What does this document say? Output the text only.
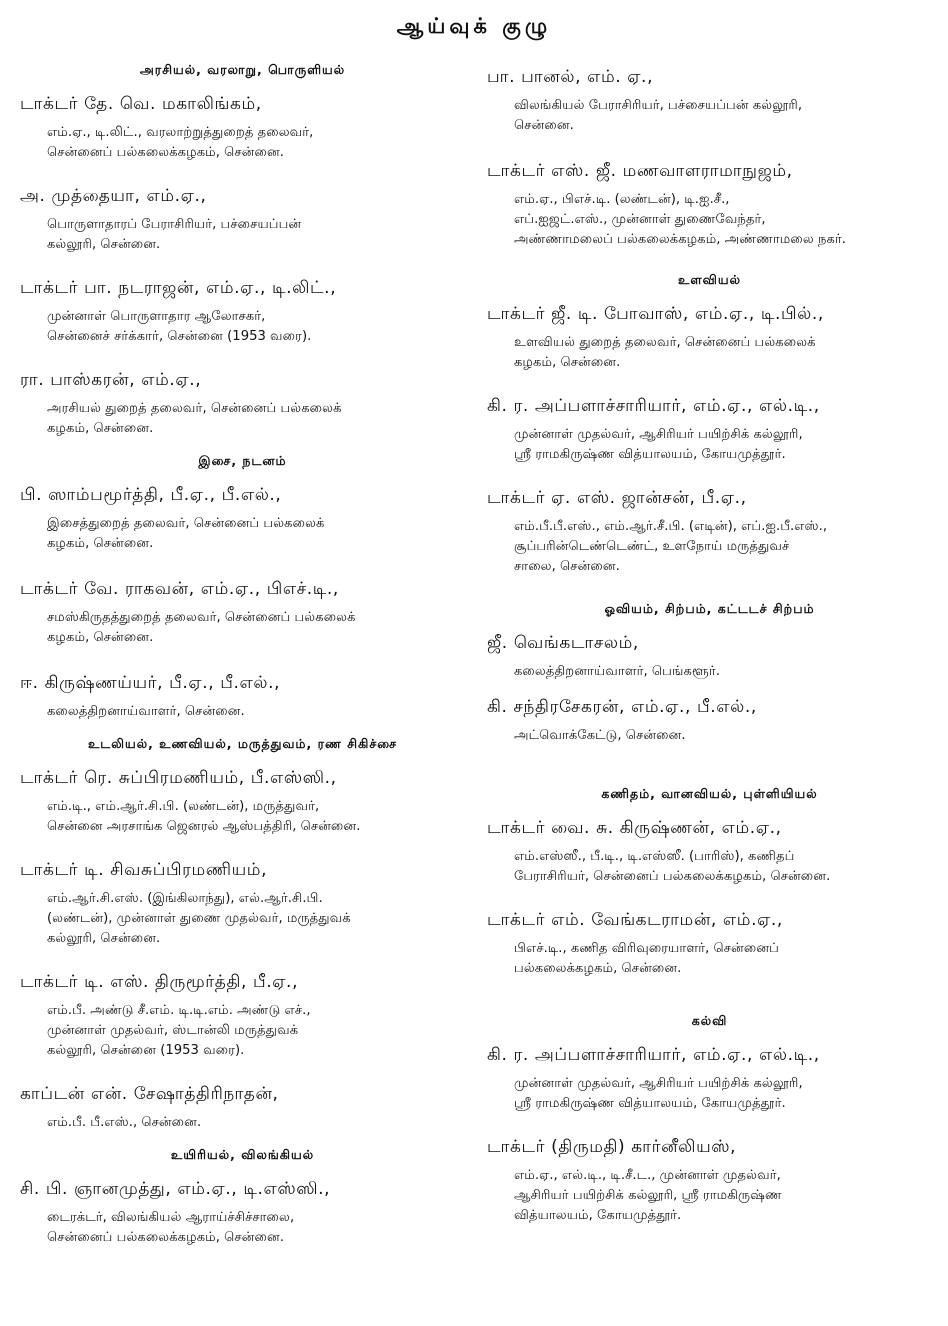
ஆய்வுக் குழு
அரசியல், வரலாறு, பொருளியல்
டாக்டர் தே. வெ. மகாலிங்கம்,
எம்.ஏ., டி.லிட்., வரலாற்றுத்துறைத் தலைவர்,
சென்னைப் பல்கலைக்கழகம், சென்னை.
அ. முத்தையா, எம்.ஏ.,
பொருளாதாரப் பேராசிரியர், பச்சையப்பன்
கல்லூரி, சென்னை.
டாக்டர் பா. நடராஜன், எம்.ஏ., டி.லிட்.,
முன்னாள் பொருளாதார ஆலோசகர்,
சென்னைச் சர்க்கார், சென்னை (1953 வரை).
ரா. பாஸ்கரன், எம்.ஏ.,
அரசியல் துறைத் தலைவர், சென்னைப் பல்கலைக்
கழகம், சென்னை.
இசை, நடனம்
பி. ஸாம்பமூர்த்தி, பீ.ஏ., பீ.எல்.,
இசைத்துறைத் தலைவர், சென்னைப் பல்கலைக்
கழகம், சென்னை.
டாக்டர் வே. ராகவன், எம்.ஏ., பிஎச்.டி.,
சமஸ்கிருதத்துறைத் தலைவர், சென்னைப் பல்கலைக்
கழகம், சென்னை.
ஈ. கிருஷ்ணய்யர், பீ.ஏ., பீ.எல்.,
கலைத்திறனாய்வாளர், சென்னை.
உடலியல், உணவியல், மருத்துவம், ரண சிகிச்சை
டாக்டர் ரெ. சுப்பிரமணியம், பீ.எஸ்ஸி.,
எம்.டி., எம்.ஆர்.சி.பி. (லண்டன்), மருத்துவர்,
சென்னை அரசாங்க ஜெனரல் ஆஸ்பத்திரி, சென்னை.
டாக்டர் டி. சிவசுப்பிரமணியம்,
எம்.ஆர்.சி.எஸ். (இங்கிலாந்து), எல்.ஆர்.சி.பி.
(லண்டன்), முன்னாள் துணை முதல்வர், மருத்துவக்
கல்லூரி, சென்னை.
டாக்டர் டி. எஸ். திருமூர்த்தி, பீ.ஏ.,
எம்.பீ. அண்டு சீ.எம். டி.டி.எம். அண்டு எச்.,
முன்னாள் முதல்வர், ஸ்டான்லி மருத்துவக்
கல்லூரி, சென்னை (1953 வரை).
காப்டன் என். சேஷாத்திரிநாதன்,
எம்.பீ. பீ.எஸ்., சென்னை.
உயிரியல், விலங்கியல்
சி. பி. ஞானமுத்து, எம்.ஏ., டி.எஸ்ஸி.,
டைரக்டர், விலங்கியல் ஆராய்ச்சிச்சாலை,
சென்னைப் பல்கலைக்கழகம், சென்னை.
பா. பானல், எம். ஏ.,
விலங்கியல் பேராசிரியர், பச்சையப்பன் கல்லூரி,
சென்னை.
டாக்டர் எஸ். ஜீ. மணவாளராமாநுஜம்,
எம்.ஏ., பிஎச்.டி. (லண்டன்), டி.ஐ.சீ.,
எப்.ஐஜட்.எஸ்., முன்னாள் துணைவேந்தர்,
அண்ணாமலைப் பல்கலைக்கழகம், அண்ணாமலை நகர்.
உளவியல்
டாக்டர் ஜீ. டி. போவாஸ், எம்.ஏ., டி.பில்.,
உளவியல் துறைத் தலைவர், சென்னைப் பல்கலைக்
கழகம், சென்னை.
கி. ர. அப்பளாச்சாரியார், எம்.ஏ., எல்.டி.,
முன்னாள் முதல்வர், ஆசிரியர் பயிற்சிக் கல்லூரி,
ஸ்ரீ ராமகிருஷ்ண வித்யாலயம், கோயமுத்தூர்.
டாக்டர் ஏ. எஸ். ஜான்சன், பீ.ஏ.,
எம்.பீ.பீ.எஸ்., எம்.ஆர்.சீ.பி. (எடின்), எப்.ஐ.பீ.எஸ்.,
சூப்பரின்டெண்டெண்ட், உளநோய் மருத்துவச்
சாலை, சென்னை.
ஓவியம், சிற்பம், கட்டடச் சிற்பம்
ஜீ. வெங்கடாசலம்,
கலைத்திறனாய்வாளர், பெங்களூர்.
கி. சந்திரசேகரன், எம்.ஏ., பீ.எல்.,
அட்வொக்கேட்டு, சென்னை.
கணிதம், வானவியல், புள்ளியியல்
டாக்டர் வை. சு. கிருஷ்ணன், எம்.ஏ.,
எம்.எஸ்ஸீ., பீ.டி., டி.எஸ்ஸீ. (பாரிஸ்), கணிதப்
பேராசிரியர், சென்னைப் பல்கலைக்கழகம், சென்னை.
டாக்டர் எம். வேங்கடராமன், எம்.ஏ.,
பிஎச்.டி., கணித விரிவுரையாளர், சென்னைப்
பல்கலைக்கழகம், சென்னை.
கல்வி
கி. ர. அப்பளாச்சாரியார், எம்.ஏ., எல்.டி.,
முன்னாள் முதல்வர், ஆசிரியர் பயிற்சிக் கல்லூரி,
ஸ்ரீ ராமகிருஷ்ண வித்யாலயம், கோயமுத்தூர்.
டாக்டர் (திருமதி) கார்னீலியஸ்,
எம்.ஏ., எல்.டி., டி.சீ.ட., முன்னாள் முதல்வர்,
ஆசிரியர் பயிற்சிக் கல்லூரி, ஸ்ரீ ராமகிருஷ்ண
வித்யாலயம், கோயமுத்தூர்.
